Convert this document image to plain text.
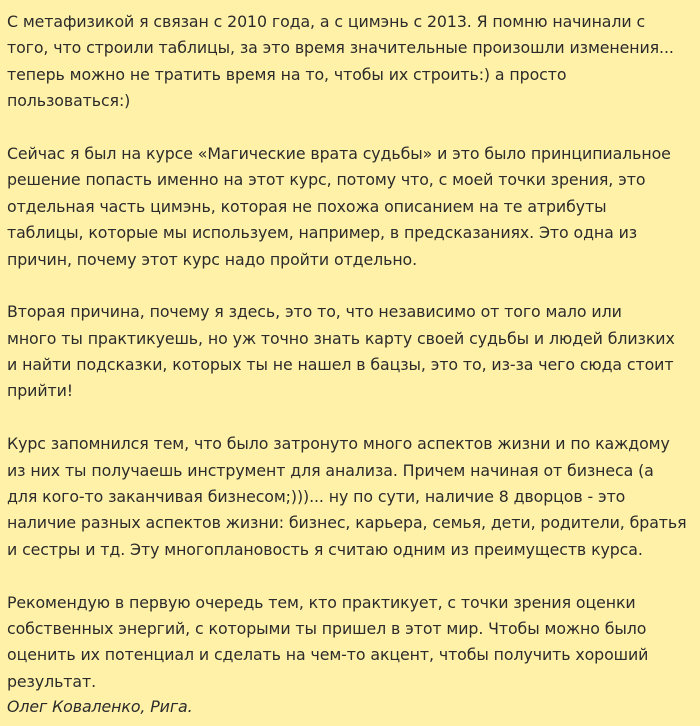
С метафизикой я связан с 2010 года, а с цимэнь с 2013. Я помню начинали с
того, что строили таблицы, за это время значительные произошли изменения...
теперь можно не тратить время на то, чтобы их строить:) а просто
пользоваться:)
Сейчас я был на курсе «Магические врата судьбы» и это было принципиальное
решение попасть именно на этот курс, потому что, с моей точки зрения, это
отдельная часть цимэнь, которая не похожа описанием на те атрибуты
таблицы, которые мы используем, например, в предсказаниях. Это одна из
причин, почему этот курс надо пройти отдельно.
Вторая причина, почему я здесь, это то, что независимо от того мало или
много ты практикуешь, но уж точно знать карту своей судьбы и людей близких
и найти подсказки, которых ты не нашел в бацзы, это то, из-за чего сюда стоит
прийти!
Курс запомнился тем, что было затронуто много аспектов жизни и по каждому
из них ты получаешь инструмент для анализа. Причем начиная от бизнеса (а
для кого-то заканчивая бизнесом;)))... ну по сути, наличие 8 дворцов - это
наличие разных аспектов жизни: бизнес, карьера, семья, дети, родители, братья
и сестры и тд. Эту многоплановость я считаю одним из преимуществ курса.
Рекомендую в первую очередь тем, кто практикует, с точки зрения оценки
собственных энергий, с которыми ты пришел в этот мир. Чтобы можно было
оценить их потенциал и сделать на чем-то акцент, чтобы получить хороший
результат.
Олег Коваленко, Рига.
